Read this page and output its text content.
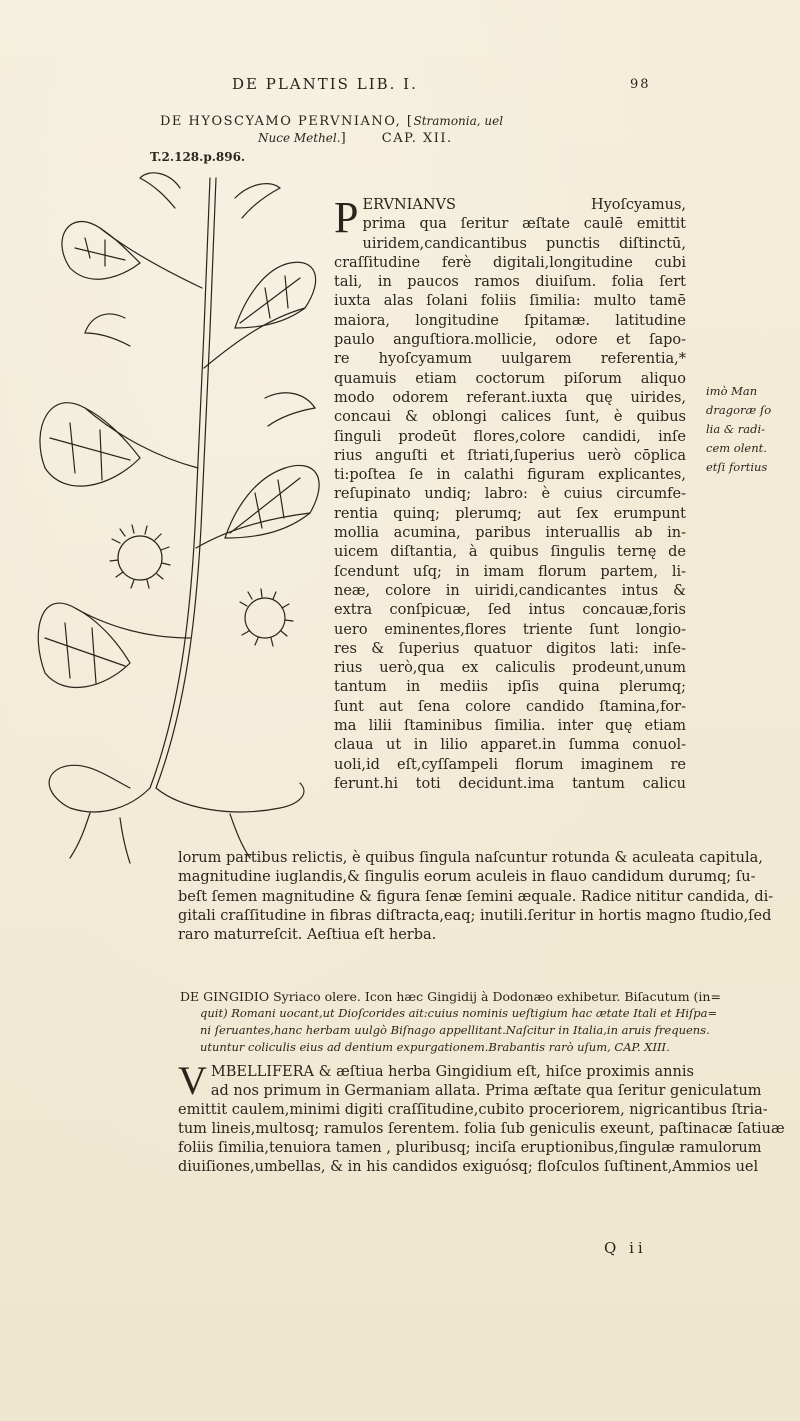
DE PLANTIS LIB. I.	98
DE HYOSCYAMO PERVNIANO, [Stramonia, uel
Nuce Methel.]	CAP. XII.
T.2.128.p.896.
P ERVNIANVS Hyoſcyamus,
prima qua ſeritur æſtate caulē emittit
uiridem,candicantibus punctis diſtinctū,
craſſitudine ferè digitali,longitudine cubi
tali, in paucos ramos diuiſum. folia ſert
iuxta alas ſolani foliis ſimilia: multo tamē
maiora, longitudine ſpitamæ. latitudine
paulo anguſtiora.mollicie, odore et ſapo-
re hyoſcyamum uulgarem referentia,*
quamuis etiam coctorum piſorum aliquo
modo odorem referant.iuxta quę uirides,
concaui & oblongi calices ſunt, è quibus
ſinguli prodeūt flores,colore candidi, inſe
rius anguſti et ſtriati,ſuperius uerò cōplica
ti:poſtea ſe in calathi figuram explicantes,
reſupinato undiq; labro: è cuius circumfe-
rentia quinq; plerumq; aut ſex erumpunt
mollia acumina, paribus interuallis ab in-
uicem diſtantia, à quibus ſingulis ternę de
ſcendunt uſq; in imam florum partem, li-
neæ, colore in uiridi,candicantes intus &
extra conſpicuæ, ſed intus concauæ,foris
uero eminentes,flores triente ſunt longio-
res & ſuperius quatuor digitos lati: inſe-
rius uerò,qua ex caliculis prodeunt,unum
tantum in mediis ipſis quina plerumq;
ſunt aut ſena colore candido ſtamina,for-
ma lilii ſtaminibus ſimilia. inter quę etiam
claua ut in lilio apparet.in ſumma conuol-
uoli,id eſt,cyſſampeli florum imaginem re
ferunt.hi toti decidunt.ima tantum calicu
imò Man
dragoræ ſo
lia & radi-
cem olent.
etſi fortius
lorum partibus relictis, è quibus ſingula naſcuntur rotunda & aculeata capitula,
magnitudine iuglandis,& ſingulis eorum aculeis in flauo candidum durumq; ſu-
beſt ſemen magnitudine & figura ſenæ ſemini æquale. Radice nititur candida, di-
gitali craſſitudine in fibras diſtracta,eaq; inutili.ſeritur in hortis magno ſtudio,ſed
raro maturreſcit. Aeſtiua eſt herba.
DE GINGIDIO Syriaco olere. Icon hæc Gingidij à Dodonæo exhibetur. Biſacutum (in=
quit) Romani uocant,ut Dioſcorides ait:cuius nominis ueſtigium hac ætate Itali et Hiſpa=
ni ſeruantes,hanc herbam uulgò Biſnago appellitant.Naſcitur in Italia,in aruis frequens.
utuntur coliculis eius ad dentium expurgationem.Brabantis rarò uſum, CAP. XIII.
V MBELLIFERA & æſtiua herba Gingidium eſt, hiſce proximis annis
ad nos primum in Germaniam allata. Prima æſtate qua ſeritur geniculatum
emittit caulem,minimi digiti craſſitudine,cubito proceriorem, nigricantibus ſtria-
tum lineis,multosq; ramulos ſerentem. folia ſub geniculis exeunt, paſtinacæ ſatiuæ
foliis ſimilia,tenuiora tamen , pluribusq; inciſa eruptionibus,ſingulæ ramulorum
diuiſiones,umbellas, & in his candidos exiguósq; floſculos ſuſtinent,Ammios uel
Q ii
